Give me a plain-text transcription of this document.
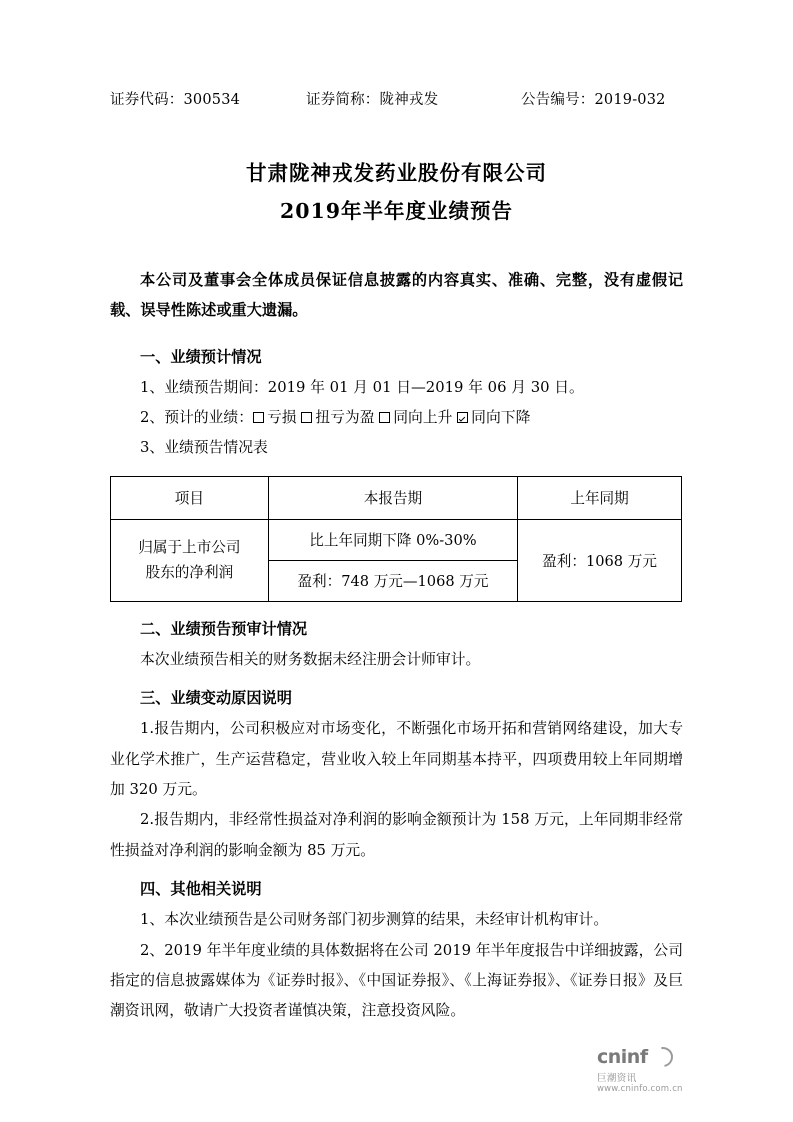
证券代码：300534	证券简称：陇神戎发	公告编号：2019-032
甘肃陇神戎发药业股份有限公司
2019年半年度业绩预告
本公司及董事会全体成员保证信息披露的内容真实、准确、完整，没有虚假记载、误导性陈述或重大遗漏。
一、业绩预计情况

1、业绩预告期间：2019 年 01 月 01 日—2019 年 06 月 30 日。

2、预计的业绩： 亏损 扭亏为盈 同向上升 同向下降

3、业绩预告情况表

项目	本报告期	上年同期

归属于上市公司
股东的净利润	比上年同期下降 0%-30%	盈利：1068 万元
	盈利：748 万元—1068 万元	
二、业绩预告预审计情况

本次业绩预告相关的财务数据未经注册会计师审计。

三、业绩变动原因说明

1.报告期内，公司积极应对市场变化，不断强化市场开拓和营销网络建设，加大专业化学术推广，生产运营稳定，营业收入较上年同期基本持平，四项费用较上年同期增加 320 万元。

2.报告期内，非经常性损益对净利润的影响金额预计为 158 万元，上年同期非经常性损益对净利润的影响金额为 85 万元。

四、其他相关说明

1、本次业绩预告是公司财务部门初步测算的结果，未经审计机构审计。

2、2019 年半年度业绩的具体数据将在公司 2019 年半年度报告中详细披露，公司指定的信息披露媒体为《证券时报》、《中国证券报》、《上海证券报》、《证券日报》及巨潮资讯网，敬请广大投资者谨慎决策，注意投资风险。

cninf
巨潮资讯
www.cninfo.com.cn
